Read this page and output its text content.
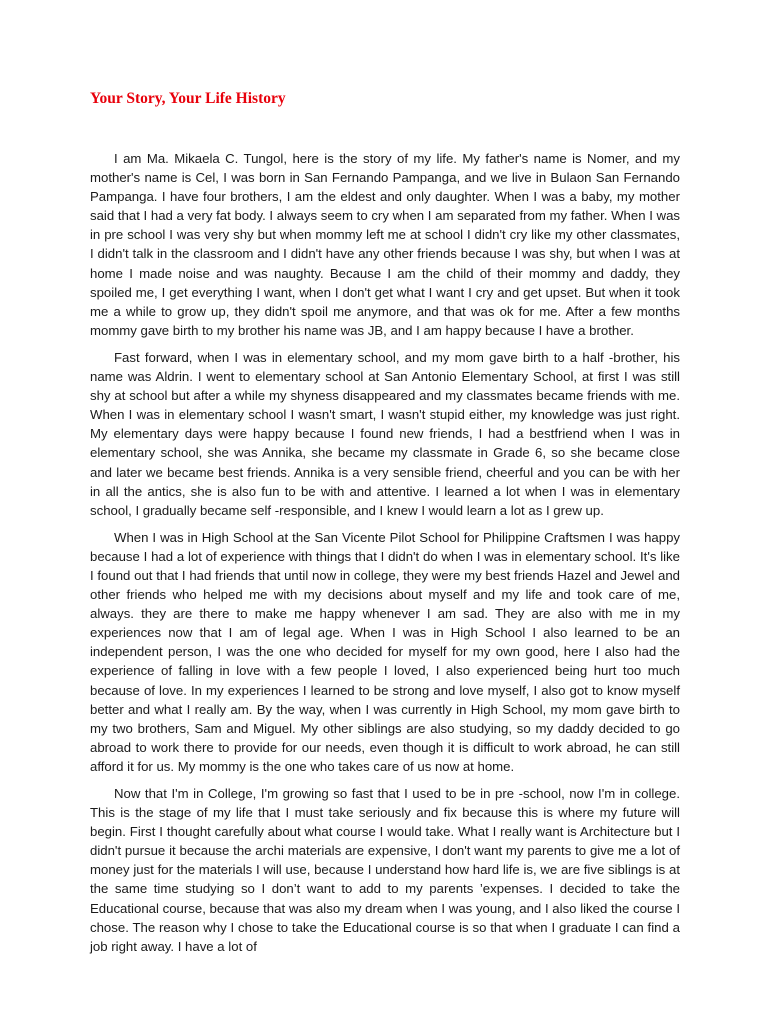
Your Story, Your Life History

I am Ma. Mikaela C. Tungol, here is the story of my life. My father's name is Nomer, and my mother's name is Cel, I was born in San Fernando Pampanga, and we live in Bulaon San Fernando Pampanga. I have four brothers, I am the eldest and only daughter. When I was a baby, my mother said that I had a very fat body. I always seem to cry when I am separated from my father. When I was in pre school I was very shy but when mommy left me at school I didn't cry like my other classmates, I didn't talk in the classroom and I didn't have any other friends because I was shy, but when I was at home I made noise and was naughty. Because I am the child of their mommy and daddy, they spoiled me, I get everything I want, when I don't get what I want I cry and get upset. But when it took me a while to grow up, they didn't spoil me anymore, and that was ok for me. After a few months mommy gave birth to my brother his name was JB, and I am happy because I have a brother.

Fast forward, when I was in elementary school, and my mom gave birth to a half -brother, his name was Aldrin. I went to elementary school at San Antonio Elementary School, at first I was still shy at school but after a while my shyness disappeared and my classmates became friends with me. When I was in elementary school I wasn't smart, I wasn't stupid either, my knowledge was just right. My elementary days were happy because I found new friends, I had a bestfriend when I was in elementary school, she was Annika, she became my classmate in Grade 6, so she became close and later we became best friends. Annika is a very sensible friend, cheerful and you can be with her in all the antics, she is also fun to be with and attentive. I learned a lot when I was in elementary school, I gradually became self -responsible, and I knew I would learn a lot as I grew up.

When I was in High School at the San Vicente Pilot School for Philippine Craftsmen I was happy because I had a lot of experience with things that I didn't do when I was in elementary school. It's like I found out that I had friends that until now in college, they were my best friends Hazel and Jewel and other friends who helped me with my decisions about myself and my life and took care of me, always. they are there to make me happy whenever I am sad. They are also with me in my experiences now that I am of legal age. When I was in High School I also learned to be an independent person, I was the one who decided for myself for my own good, here I also had the experience of falling in love with a few people I loved, I also experienced being hurt too much because of love. In my experiences I learned to be strong and love myself, I also got to know myself better and what I really am. By the way, when I was currently in High School, my mom gave birth to my two brothers, Sam and Miguel. My other siblings are also studying, so my daddy decided to go abroad to work there to provide for our needs, even though it is difficult to work abroad, he can still afford it for us. My mommy is the one who takes care of us now at home.

Now that I'm in College, I'm growing so fast that I used to be in pre -school, now I'm in college. This is the stage of my life that I must take seriously and fix because this is where my future will begin. First I thought carefully about what course I would take. What I really want is Architecture but I didn't pursue it because the archi materials are expensive, I don't want my parents to give me a lot of money just for the materials I will use, because I understand how hard life is, we are five siblings is at the same time studying so I don’t want to add to my parents ’expenses. I decided to take the Educational course, because that was also my dream when I was young, and I also liked the course I chose. The reason why I chose to take the Educational course is so that when I graduate I can find a job right away. I have a lot of
